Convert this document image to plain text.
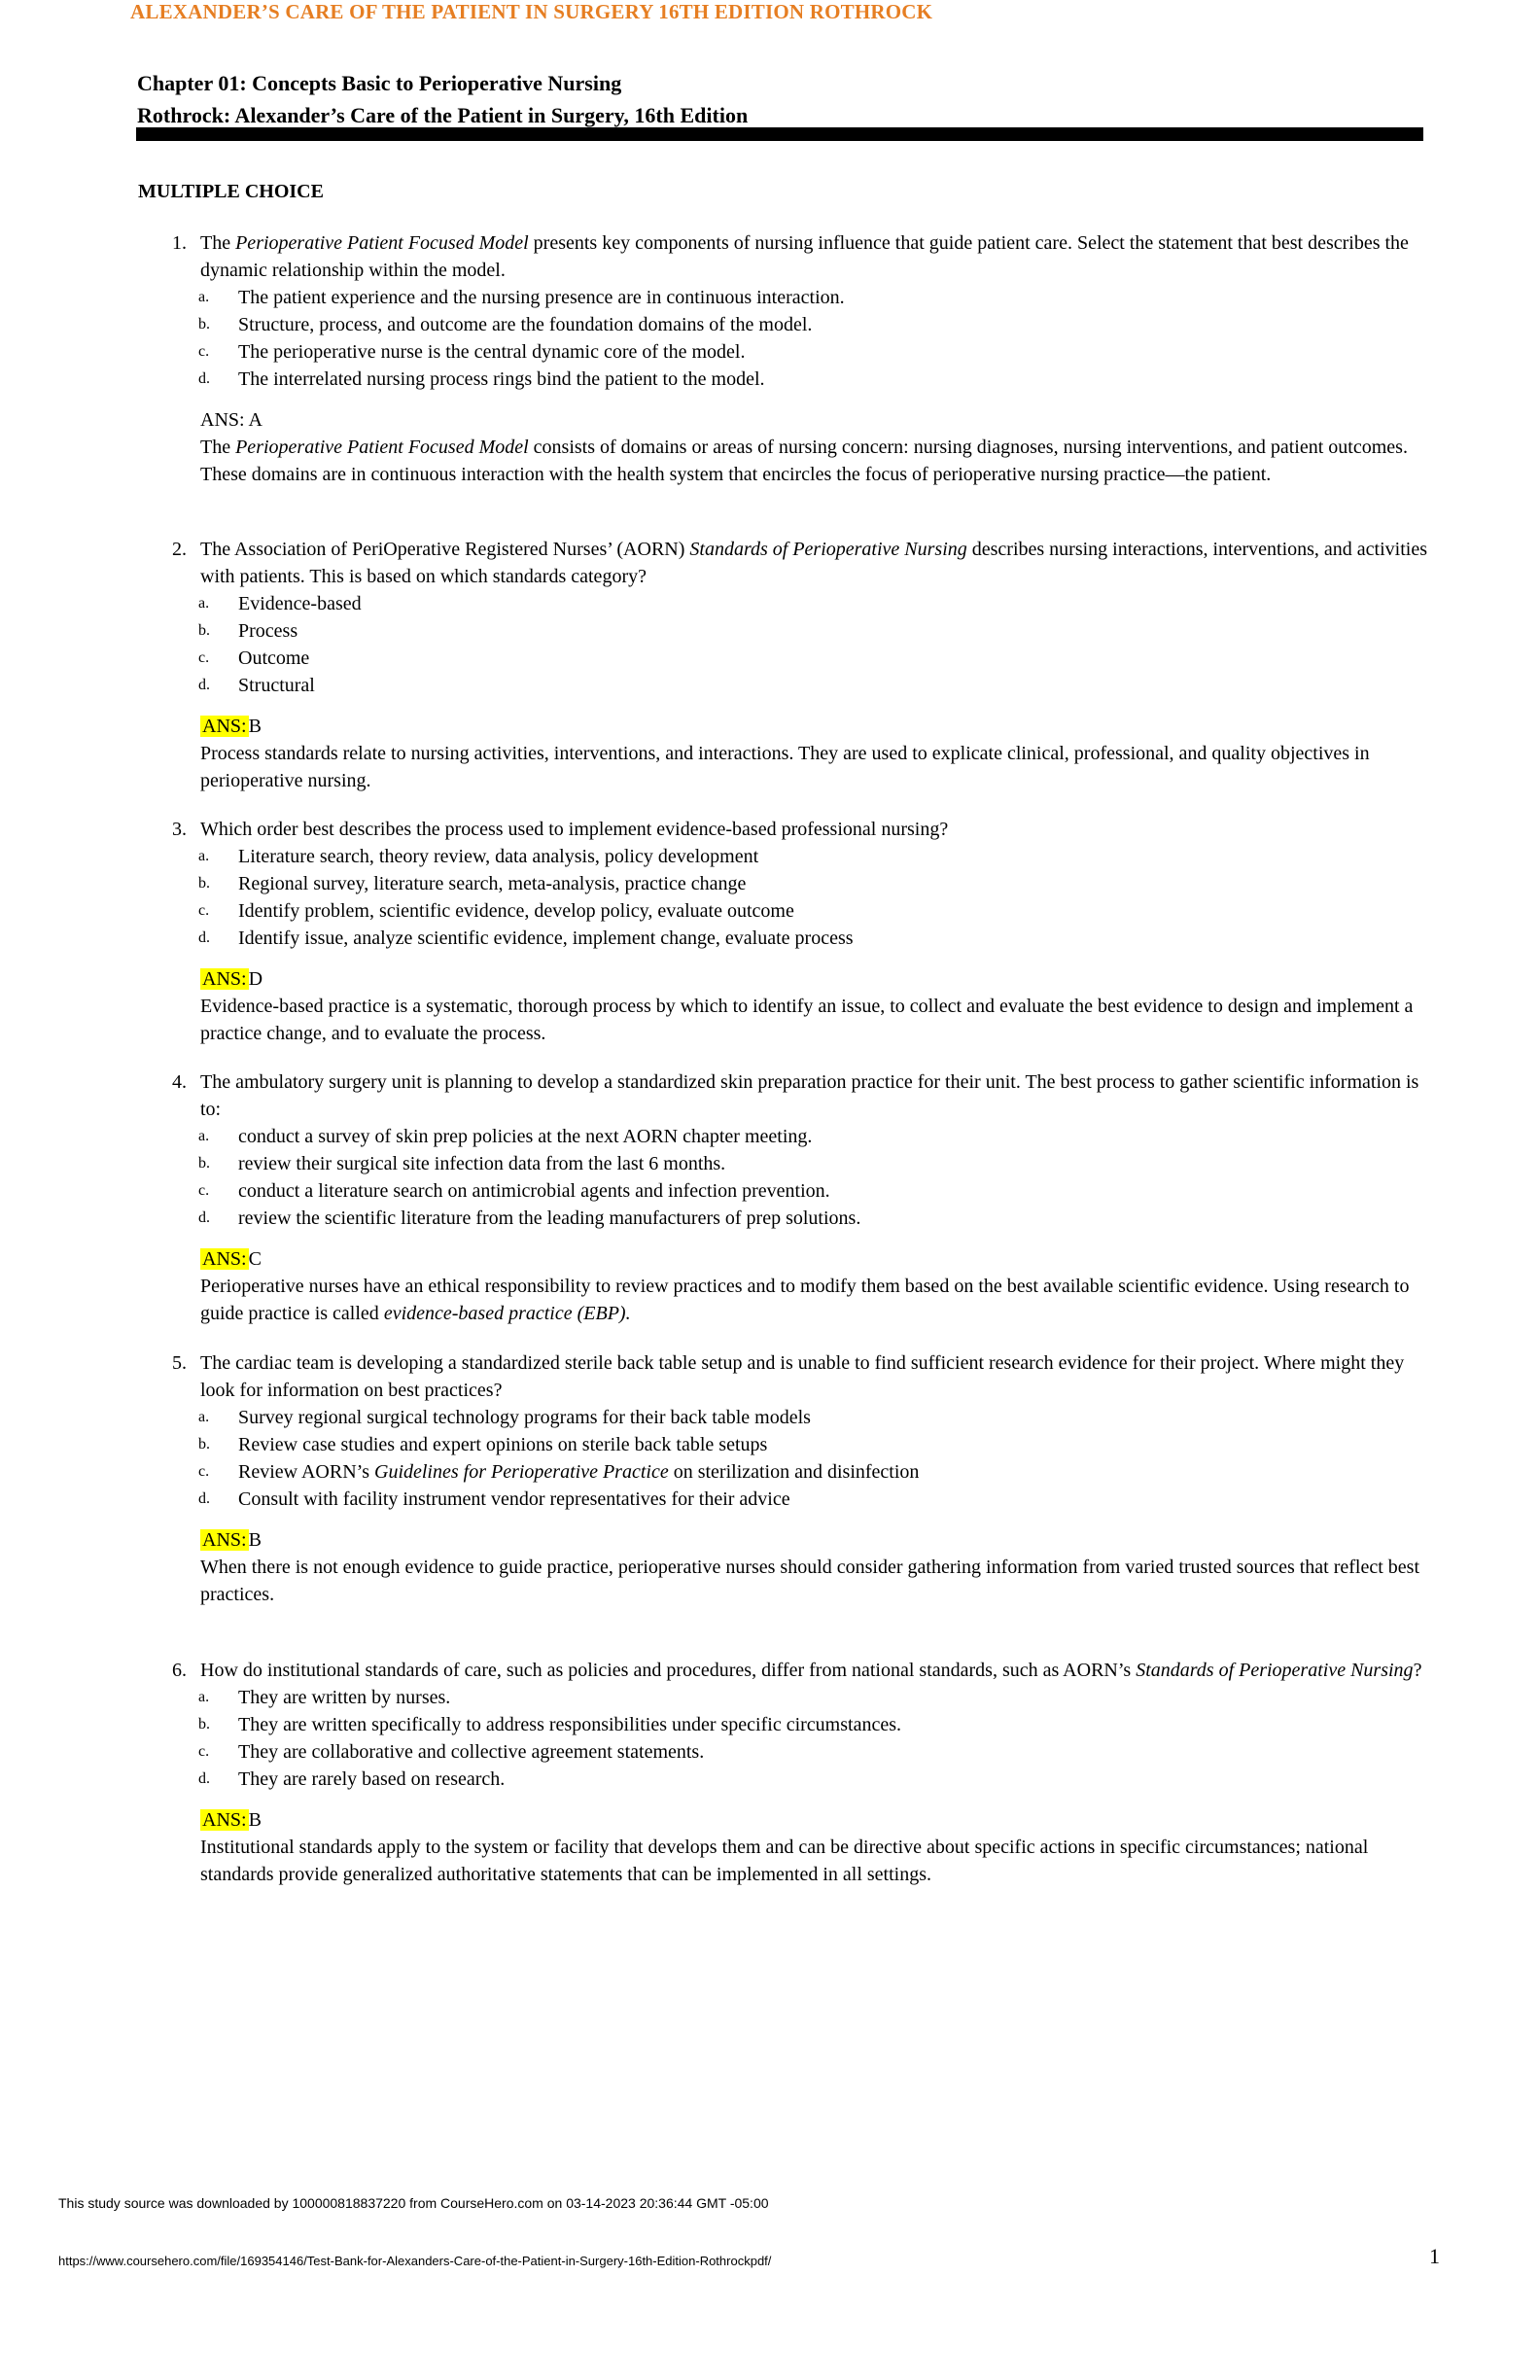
ALEXANDER’S CARE OF THE PATIENT IN SURGERY 16TH EDITION ROTHROCK
Chapter 01: Concepts Basic to Perioperative Nursing
Rothrock: Alexander’s Care of the Patient in Surgery, 16th Edition
MULTIPLE CHOICE
1. The Perioperative Patient Focused Model presents key components of nursing influence that guide patient care. Select the statement that best describes the dynamic relationship within the model.
a. The patient experience and the nursing presence are in continuous interaction.
b. Structure, process, and outcome are the foundation domains of the model.
c. The perioperative nurse is the central dynamic core of the model.
d. The interrelated nursing process rings bind the patient to the model.
ANS: A
The Perioperative Patient Focused Model consists of domains or areas of nursing concern: nursing diagnoses, nursing interventions, and patient outcomes. These domains are in continuous interaction with the health system that encircles the focus of perioperative nursing practice—the patient.
2. The Association of PeriOperative Registered Nurses’ (AORN) Standards of Perioperative Nursing describes nursing interactions, interventions, and activities with patients. This is based on which standards category?
a. Evidence-based
b. Process
c. Outcome
d. Structural
ANS: B
Process standards relate to nursing activities, interventions, and interactions. They are used to explicate clinical, professional, and quality objectives in perioperative nursing.
3. Which order best describes the process used to implement evidence-based professional nursing?
a. Literature search, theory review, data analysis, policy development
b. Regional survey, literature search, meta-analysis, practice change
c. Identify problem, scientific evidence, develop policy, evaluate outcome
d. Identify issue, analyze scientific evidence, implement change, evaluate process
ANS: D
Evidence-based practice is a systematic, thorough process by which to identify an issue, to collect and evaluate the best evidence to design and implement a practice change, and to evaluate the process.
4. The ambulatory surgery unit is planning to develop a standardized skin preparation practice for their unit. The best process to gather scientific information is to:
a. conduct a survey of skin prep policies at the next AORN chapter meeting.
b. review their surgical site infection data from the last 6 months.
c. conduct a literature search on antimicrobial agents and infection prevention.
d. review the scientific literature from the leading manufacturers of prep solutions.
ANS: C
Perioperative nurses have an ethical responsibility to review practices and to modify them based on the best available scientific evidence. Using research to guide practice is called evidence-based practice (EBP).
5. The cardiac team is developing a standardized sterile back table setup and is unable to find sufficient research evidence for their project. Where might they look for information on best practices?
a. Survey regional surgical technology programs for their back table models
b. Review case studies and expert opinions on sterile back table setups
c. Review AORN’s Guidelines for Perioperative Practice on sterilization and disinfection
d. Consult with facility instrument vendor representatives for their advice
ANS: B
When there is not enough evidence to guide practice, perioperative nurses should consider gathering information from varied trusted sources that reflect best practices.
6. How do institutional standards of care, such as policies and procedures, differ from national standards, such as AORN’s Standards of Perioperative Nursing?
a. They are written by nurses.
b. They are written specifically to address responsibilities under specific circumstances.
c. They are collaborative and collective agreement statements.
d. They are rarely based on research.
ANS: B
Institutional standards apply to the system or facility that develops them and can be directive about specific actions in specific circumstances; national standards provide generalized authoritative statements that can be implemented in all settings.
This study source was downloaded by 100000818837220 from CourseHero.com on 03-14-2023 20:36:44 GMT -05:00
https://www.coursehero.com/file/169354146/Test-Bank-for-Alexanders-Care-of-the-Patient-in-Surgery-16th-Edition-Rothrockpdf/	1
